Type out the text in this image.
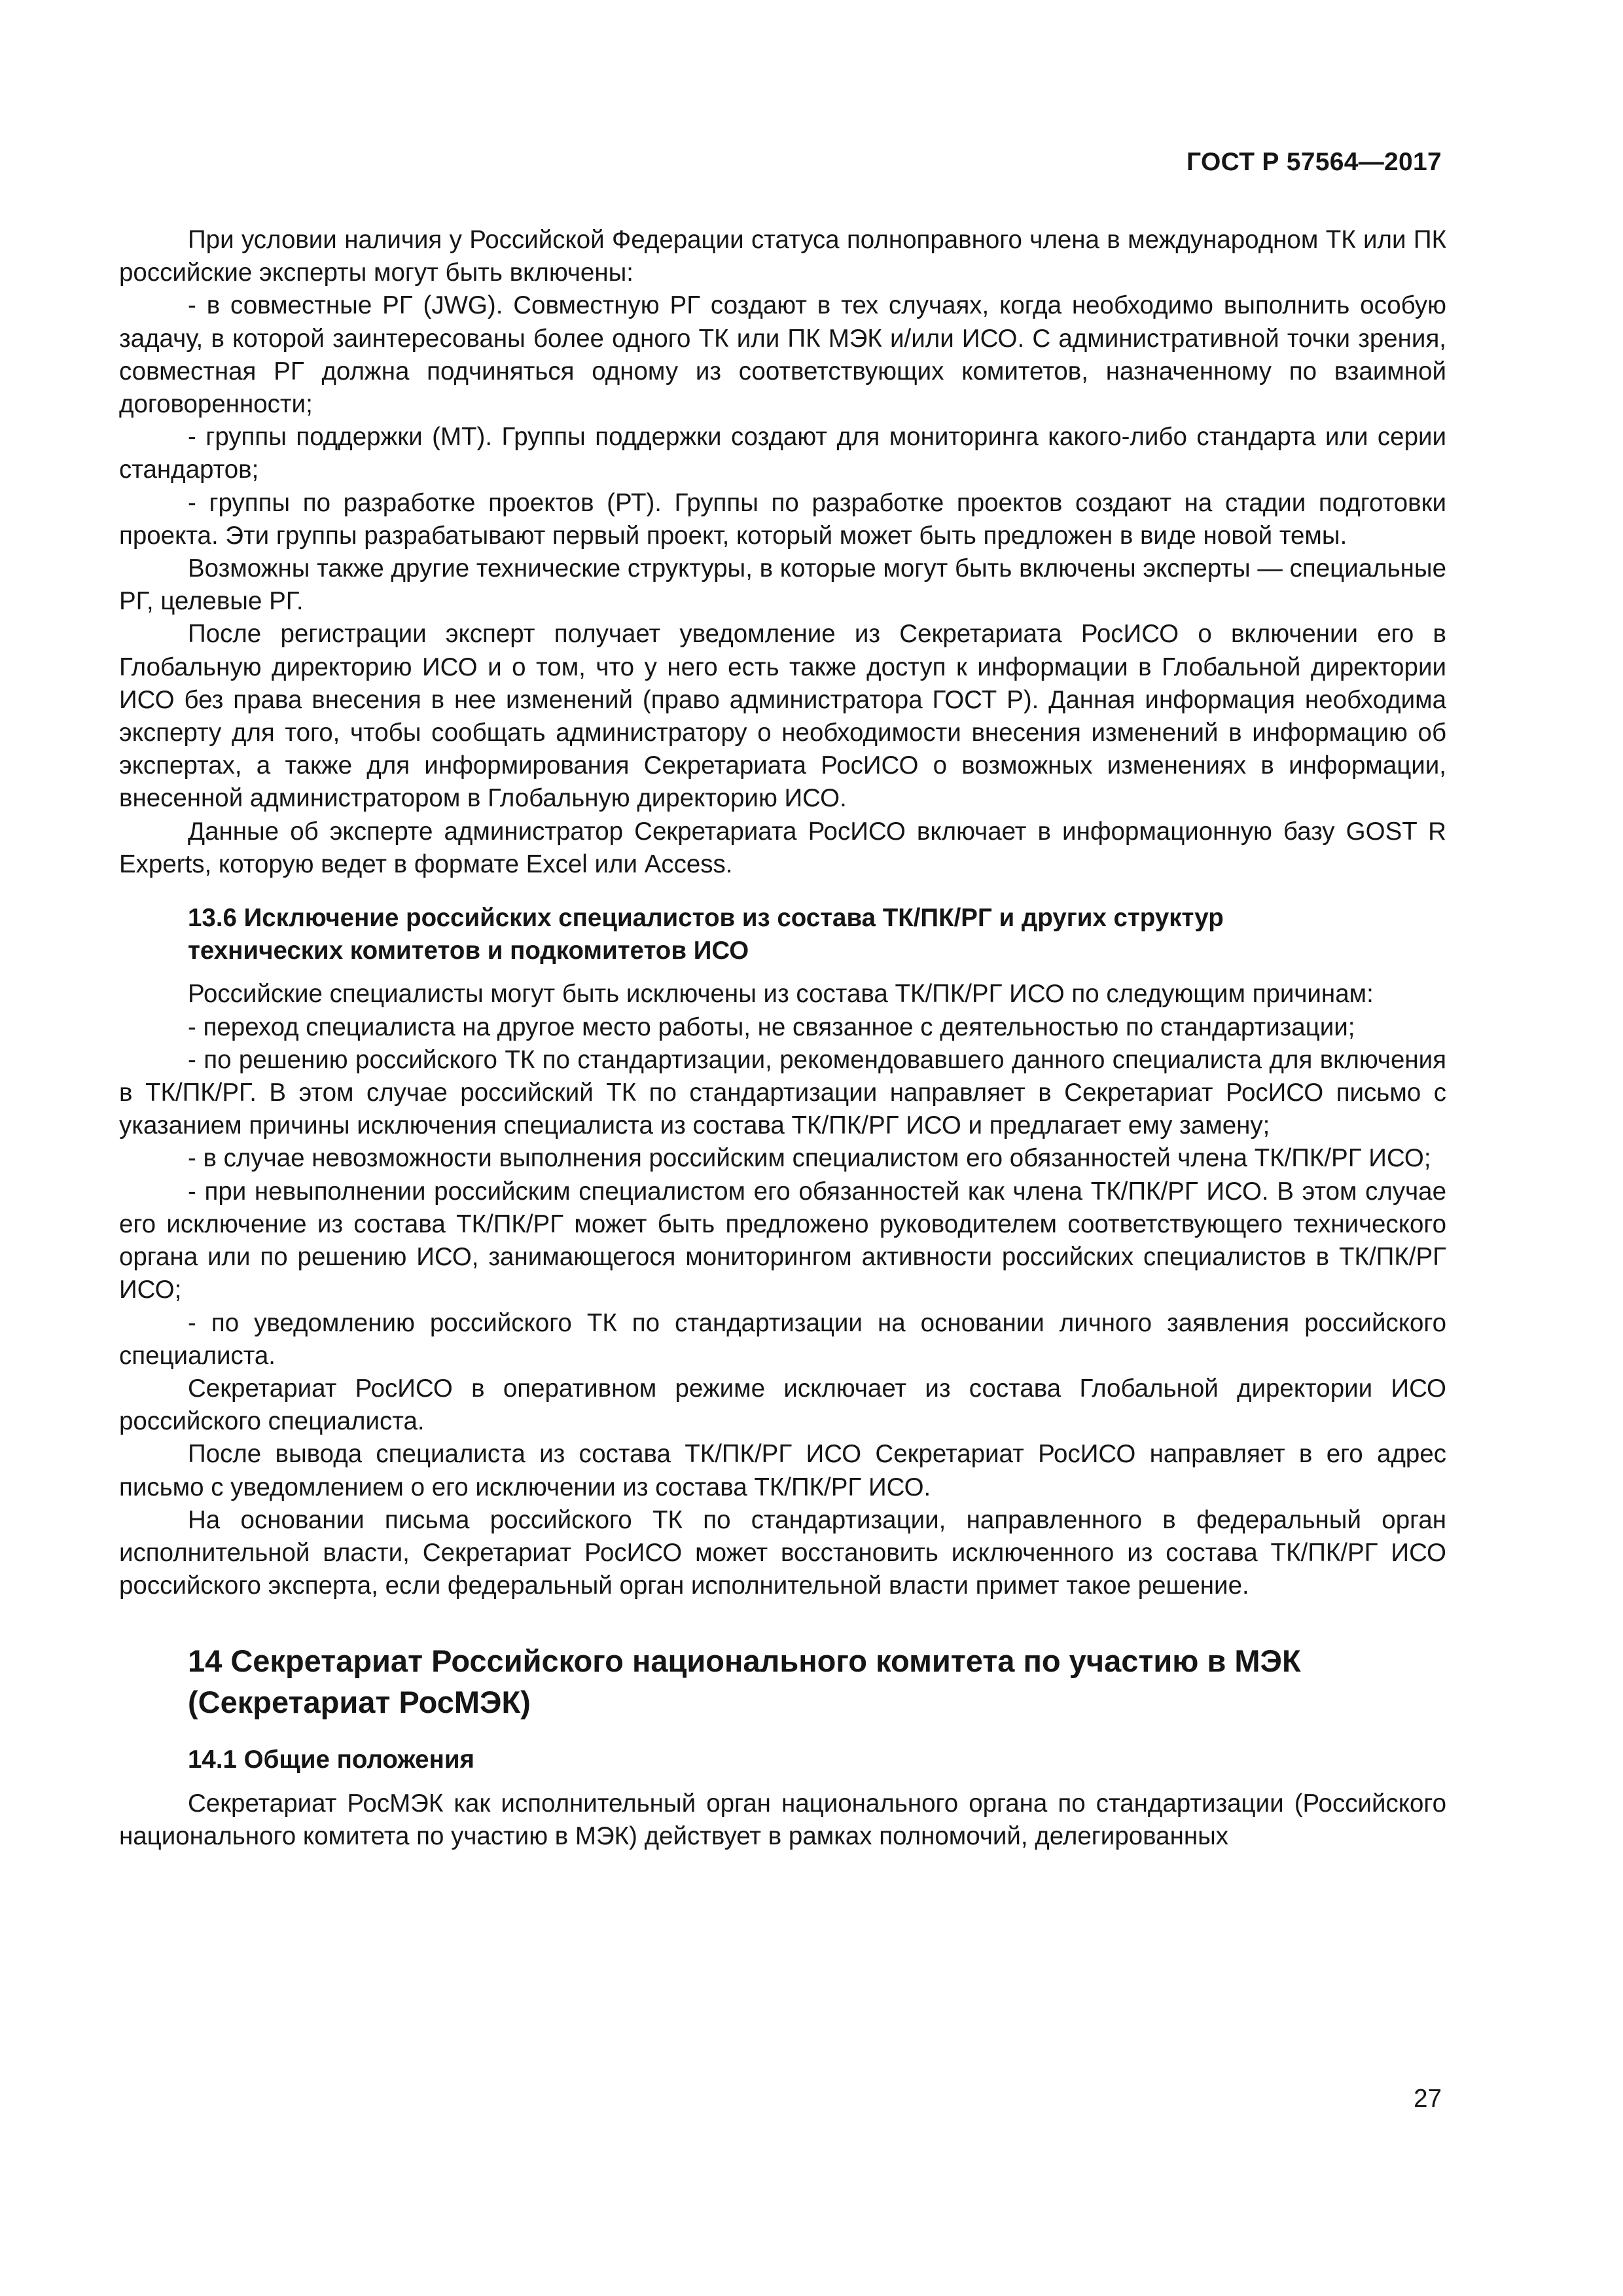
ГОСТ Р 57564—2017

При условии наличия у Российской Федерации статуса полноправного члена в международном ТК или ПК российские эксперты могут быть включены:

- в совместные РГ (JWG). Совместную РГ создают в тех случаях, когда необходимо выполнить особую задачу, в которой заинтересованы более одного ТК или ПК МЭК и/или ИСО. С административной точки зрения, совместная РГ должна подчиняться одному из соответствующих комитетов, назначенному по взаимной договоренности;

- группы поддержки (МТ). Группы поддержки создают для мониторинга какого-либо стандарта или серии стандартов;

- группы по разработке проектов (РТ). Группы по разработке проектов создают на стадии подготовки проекта. Эти группы разрабатывают первый проект, который может быть предложен в виде новой темы.

Возможны также другие технические структуры, в которые могут быть включены эксперты — специальные РГ, целевые РГ.

После регистрации эксперт получает уведомление из Секретариата РосИСО о включении его в Глобальную директорию ИСО и о том, что у него есть также доступ к информации в Глобальной директории ИСО без права внесения в нее изменений (право администратора ГОСТ Р). Данная информация необходима эксперту для того, чтобы сообщать администратору о необходимости внесения изменений в информацию об экспертах, а также для информирования Секретариата РосИСО о возможных изменениях в информации, внесенной администратором в Глобальную директорию ИСО.

Данные об эксперте администратор Секретариата РосИСО включает в информационную базу GOST R Experts, которую ведет в формате Excel или Access.

13.6 Исключение российских специалистов из состава ТК/ПК/РГ и других структур
технических комитетов и подкомитетов ИСО

Российские специалисты могут быть исключены из состава ТК/ПК/РГ ИСО по следующим причинам:

- переход специалиста на другое место работы, не связанное с деятельностью по стандартизации;

- по решению российского ТК по стандартизации, рекомендовавшего данного специалиста для включения в ТК/ПК/РГ. В этом случае российский ТК по стандартизации направляет в Секретариат РосИСО письмо с указанием причины исключения специалиста из состава ТК/ПК/РГ ИСО и предлагает ему замену;

- в случае невозможности выполнения российским специалистом его обязанностей члена ТК/ПК/РГ ИСО;

- при невыполнении российским специалистом его обязанностей как члена ТК/ПК/РГ ИСО. В этом случае его исключение из состава ТК/ПК/РГ может быть предложено руководителем соответствующего технического органа или по решению ИСО, занимающегося мониторингом активности российских специалистов в ТК/ПК/РГ ИСО;

- по уведомлению российского ТК по стандартизации на основании личного заявления российского специалиста.

Секретариат РосИСО в оперативном режиме исключает из состава Глобальной директории ИСО российского специалиста.

После вывода специалиста из состава ТК/ПК/РГ ИСО Секретариат РосИСО направляет в его адрес письмо с уведомлением о его исключении из состава ТК/ПК/РГ ИСО.

На основании письма российского ТК по стандартизации, направленного в федеральный орган исполнительной власти, Секретариат РосИСО может восстановить исключенного из состава ТК/ПК/РГ ИСО российского эксперта, если федеральный орган исполнительной власти примет такое решение.

14 Секретариат Российского национального комитета по участию в МЭК
(Секретариат РосМЭК)
14.1 Общие положения

Секретариат РосМЭК как исполнительный орган национального органа по стандартизации (Российского национального комитета по участию в МЭК) действует в рамках полномочий, делегированных

27
